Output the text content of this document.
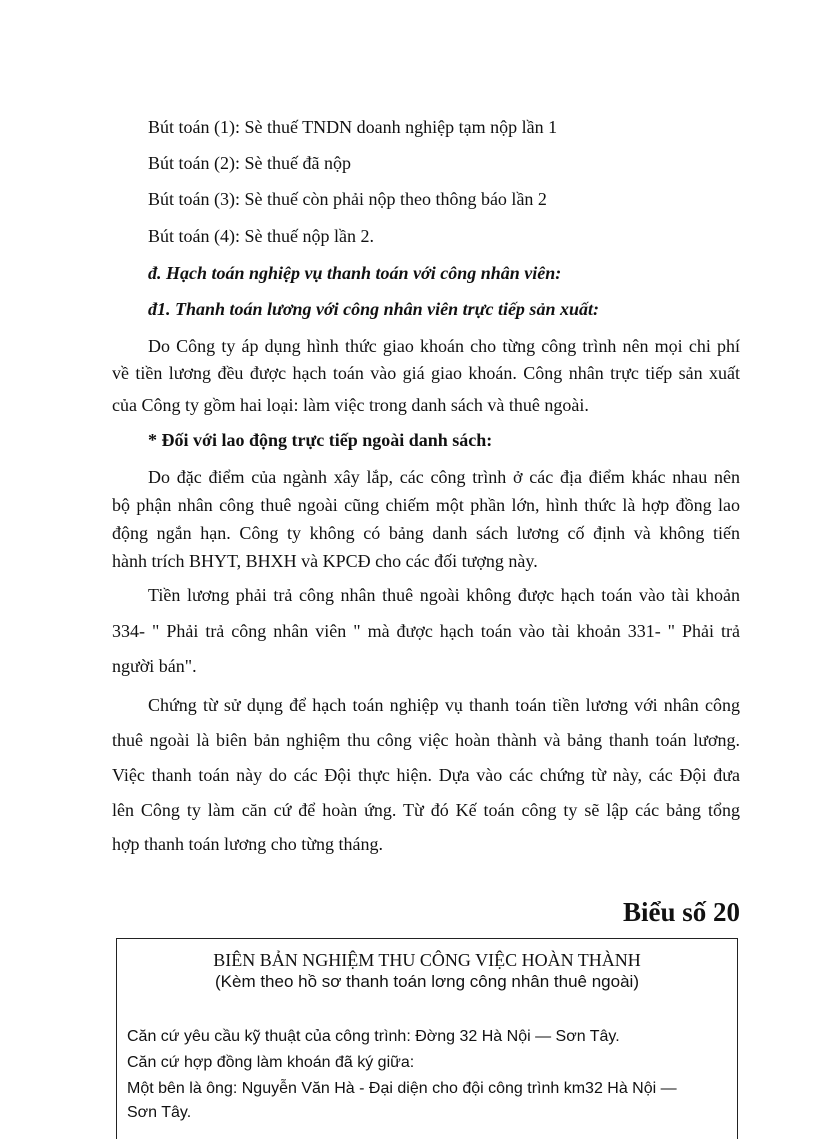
Bút toán (1): Sè thuế TNDN doanh nghiệp tạm nộp lần 1
Bút toán (2): Sè thuế đã nộp
Bút toán (3): Sè thuế còn phải nộp theo thông báo lần 2
Bút toán (4): Sè thuế nộp lần 2.
đ. Hạch toán nghiệp vụ thanh toán với công nhân viên:
đ1. Thanh toán lương với công nhân viên trực tiếp sản xuất:
Do Công ty áp dụng hình thức giao khoán cho từng công trình nên mọi chi phí
về tiền lương đều được hạch toán vào giá giao khoán. Công nhân trực tiếp sản xuất
của Công ty gồm hai loại: làm việc trong danh sách và thuê ngoài.
* Đối với lao động trực tiếp ngoài danh sách:
Do đặc điểm của ngành xây lắp, các công trình ở các địa điểm khác nhau nên
bộ phận nhân công thuê ngoài cũng chiếm một phần lớn, hình thức là hợp đồng lao
động ngắn hạn. Công ty không có bảng danh sách lương cố định và không tiến
hành trích BHYT, BHXH và KPCĐ cho các đối tượng này.
Tiền lương phải trả công nhân thuê ngoài không được hạch toán vào tài khoản
334- " Phải trả công nhân viên " mà được hạch toán vào tài khoản 331- " Phải trả
người bán".
Chứng từ sử dụng để hạch toán nghiệp vụ thanh toán tiền lương với nhân công
thuê ngoài là biên bản nghiệm thu công việc hoàn thành và bảng thanh toán lương.
Việc thanh toán này do các Đội thực hiện. Dựa vào các chứng từ này, các Đội đưa
lên Công ty làm căn cứ để hoàn ứng. Từ đó Kế toán công ty sẽ lập các bảng tổng
hợp thanh toán lương cho từng tháng.
Biểu số 20
BIÊN BẢN NGHIỆM THU CÔNG VIỆC HOÀN THÀNH
(Kèm theo hồ sơ thanh toán lơng công nhân thuê ngoài)
Căn cứ yêu cầu kỹ thuật của công trình: Đờng 32 Hà Nội — Sơn Tây.
Căn cứ hợp đồng làm khoán đã ký giữa:
Một bên là ông: Nguyễn Văn Hà - Đại diện cho đội công trình km32 Hà Nội —
Sơn Tây.
